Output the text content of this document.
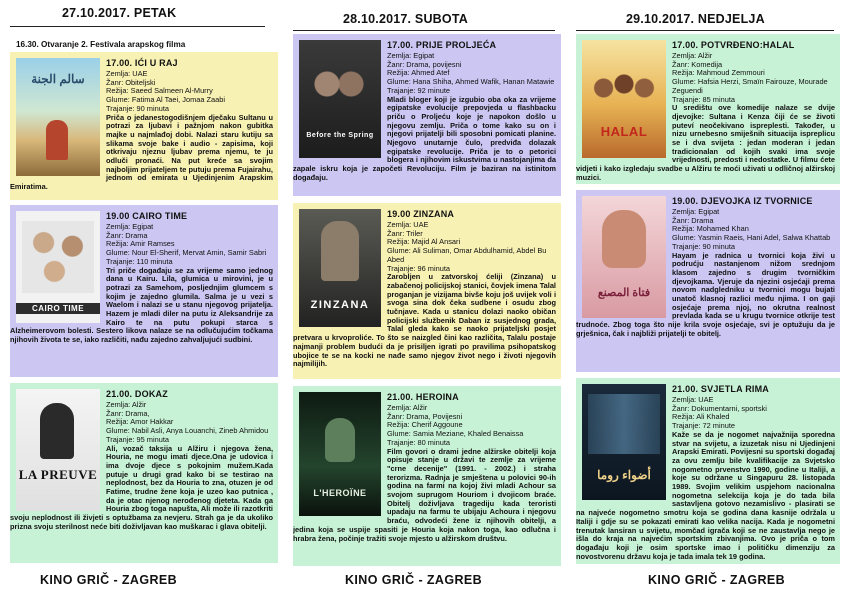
27.10.2017. PETAK
16.30. Otvaranje 2. Festivala arapskog filma
سالم الجنة
17.00. IĆI U RAJ
Zemlja: UAE
Žanr: Obiteljski
Režija: Saeed Salmeen Al-Murry
Glume: Fatima Al Taei, Jomaa Zaabi
Trajanje: 90 minuta
Priča o jedanestogodišnjem dječaku Sultanu u potrazi za ljubavi i pažnjom nakon gubitka majke u najmlađoj dobi. Nalazi staru kutiju sa slikama svoje bake i audio - zapisima, koji otkrivaju njeznu ljubav prema njemu, te ju odluči pronaći. Na put kreće sa svojim najboljim prijateljem te putuju prema Fujairahu, jednom od emirata u Ujedinjenim Arapskim Emiratima.
CAIRO TIME
19.00 CAIRO TIME
Zemlja: Egipat
Žanr: Drama
Režija: Amir Ramses
Glume: Nour El-Sherif, Mervat Amin, Samir Sabri
Trajanje: 110 minuta
Tri priče događaju se za vrijeme samo jednog dana u Kairu. Lila, glumica u mirovini, je u potrazi za Samehom, posljednjim glumcem s kojim je zajedno glumila. Salma je u vezi s Waelom i nalazi se u stanu njegovog prijatelja. Hazem je mladi diler na putu iz Aleksandrije za Kairo te na putu pokupi starca s Alzheimerovom bolesti. Sestero likova nalaze se na odlučujućim točkama njihovih života te se, iako različiti, nađu zajedno zahvaljujući sudbini.
LA PREUVE
21.00. DOKAZ
Zemlja: Alžir
Žanr: Drama,
Režija: Amor Hakkar
Glume: Nabil Asli, Anya Louanchi, Zineb Ahmidou
Trajanje: 95 minuta
Ali, vozač taksija u Alžiru i njegova žena, Houria, ne mogu imati djece.Ona je udovica i ima dvoje djece s pokojnim mužem.Kada putuje u drugi grad kako bi se testirao na neplodnost, bez da Houria to zna, otuzen je od Fatime, trudne žene koja je uzeo kao putnica , da je otac njenog nerođenog djeteta. Kada ga Houria zbog toga napušta, Ali može ili razotkriti svoju neplodnost ili živjeti s optužbama za nevjeru. Strah ga je da ukoliko prizna svoju sterilnost neće biti doživljavan kao muškarac i glava obitelji.
KINO GRIČ - ZAGREB
28.10.2017. SUBOTA
Before the Spring
17.00. PRIJE PROLJEĆA
Zemlja: Egipat
Žanr: Drama, povijesni
Režija: Ahmed Atef
Glume: Hana Shiha, Ahmed Wafik, Hanan Matawie
Trajanje: 92 minute
Mladi bloger koji je izgubio oba oka za vrijeme egipatske evolucije prepovjeda u flashbacku priču o Proljeću koje je napokon došlo u njegovu zemlju. Priča o tome kako su on i njegovi prijatelji bili sposobni pomicati planine. Njegovo unutarnje čulo, predviđa dolazak egipatske revolucije. Priča je to o petorici blogera i njihovim iskustvima u nastojanjima da zapale iskru koja je započeti Revoluciju. Film je baziran na istinitom događaju.
ZINZANA
19.00 ZINZANA
Zemlja: UAE
Žanr: Triler
Režija: Majid Al Ansari
Glume: Ali Suliman, Omar Abdulhamid, Abdel Bu Abed
Trajanje: 96 minuta
Zarobljen u zatvorskoj ćeliji (Zinzana) u zabačenoj policijskoj stanici, čovjek imena Talal proganjan je vizijama bivše koju još uvijek voli i svoga sina dok čeka sudbene i osudu zbog tučnjave. Kada u stanicu dolazi naoko običan policijski službenik Daban iz susjednog grada, Talal gleda kako se naoko prijateljski posjet pretvara u krvoproliće. To što se naizgled čini kao različita, Talalu postaje najmanji problem budući da je prisiljen igrati po pravilima psihopatskog ubojice te se na kocki ne nađe samo njegov život nego i životi njegovih najmilijih.
L'HEROÏNE
21.00. HEROINA
Zemlja: Alžir
Žanr: Drama, Povijesni
Režija: Cherif Aggoune
Glume: Samia Meziane, Khaled Benaissa
Trajanje: 80 minuta
Film govori o drami jedne alžirske obitelji koja opisuje stanje u državi te zemlje za vrijeme "crne decenije" (1991. - 2002.) i straha terorizma. Radnja je smještena u polovici 90-ih godina na farmi na kojoj živi mladi Achour sa svojom suprugom Houriom i dvojicom braće. Obitelj doživljava tragediju kada teroristi upadaju na farmu te ubijaju Achoura i njegovu braću, odvodeći žene iz njihovih obitelji, a jedina koja se uspije spasiti je Houria koja nakon toga, kao odlučna i hrabra žena, počinje tražiti svoje mjesto u alžirskom društvu.
KINO GRIČ - ZAGREB
29.10.2017. NEDJELJA
HALAL
17.00. POTVRĐENO:HALAL
Zemlja: Alžir
Žanr: Komedija
Režija: Mahmoud Zemmouri
Glume: Hafsia Herzi, Smaïn Fairouze, Mourade Zeguendi
Trajanje: 85 minuta
U središtu ove komedije nalaze se dvije djevojke: Sultana i Kenza čiji će se životi puteví neočekivano ispreplesti. Također, u nizu urnebesno smiješnih situacija ispreplicu se i dva svijeta : jedan moderan i jedan tradicionalan od kojih svaki ima svoje vrijednosti, predosti i nedostatke. U filmu ćete vidjeti i kako izgledaju svadbe u Alžiru te moći uživati u odličnoj alžirskoj muzici.
فتاة المصنع
19.00. DJEVOJKA IZ TVORNICE
Zemlja: Egipat
Žanr: Drama
Režija: Mohamed Khan
Glume: Yasmin Raeis, Hani Adel, Salwa Khattab
Trajanje: 90 minuta
Hayam je radnica u tvornici koja živi u podrućju nastanjenom nižom srednjom klasom zajedno s drugim tvorničkim djevojkama. Vjeruje da njezini osjećaji prema novom nadgledniku u tvornici mogu bujati unatoč klasnoj razlici među njima. I on gaji osjećaje prema njoj, no okrutna realnost prevlada kada se u krugu tvornice otkrije test trudnoće. Zbog toga što nije krila svoje osjećaje, svi je optužuju da je grješnica, čak i najbliži prijatelji te obitelj.
أضواء روما
21.00. SVJETLA RIMA
Zemlja: UAE
Žanr: Dokumentarni, sportski
Režija: Ali Khaled
Trajanje: 72 minute
Kaže se da je nogomet najvažnija sporedna stvar na svijetu, a izuzetak nisu ni Ujedinjeni Arapski Emirati. Povijesni su sportski događaj za ovu zemlju bile kvalifikacije za Svjetsko nogometno prvenstvo 1990, godine u Italiji, a koje su održane u Singapuru 28. listopada 1989. Svojim velikim uspjehom nacionalna nogometna selekcija koja je do tada bila sastavljena gotovo nezamislivo - plasirati se na najveće nogometno smotru koja se godina dana kasnije održala u Italiji i gdje su se pokazati emirati kao velika nacija. Kada je nogometni trenutak lansiran u svijetu, momčad igrača koji se ne zaustavlja nego je išla do kraja na najvećim sportskim zbivanjima. Ovo je priča o tom događaju koji je osim sportske imao i političku dimenziju za novostvorenu državu koja je tada imala tek 19 godina.
KINO GRIČ - ZAGREB
